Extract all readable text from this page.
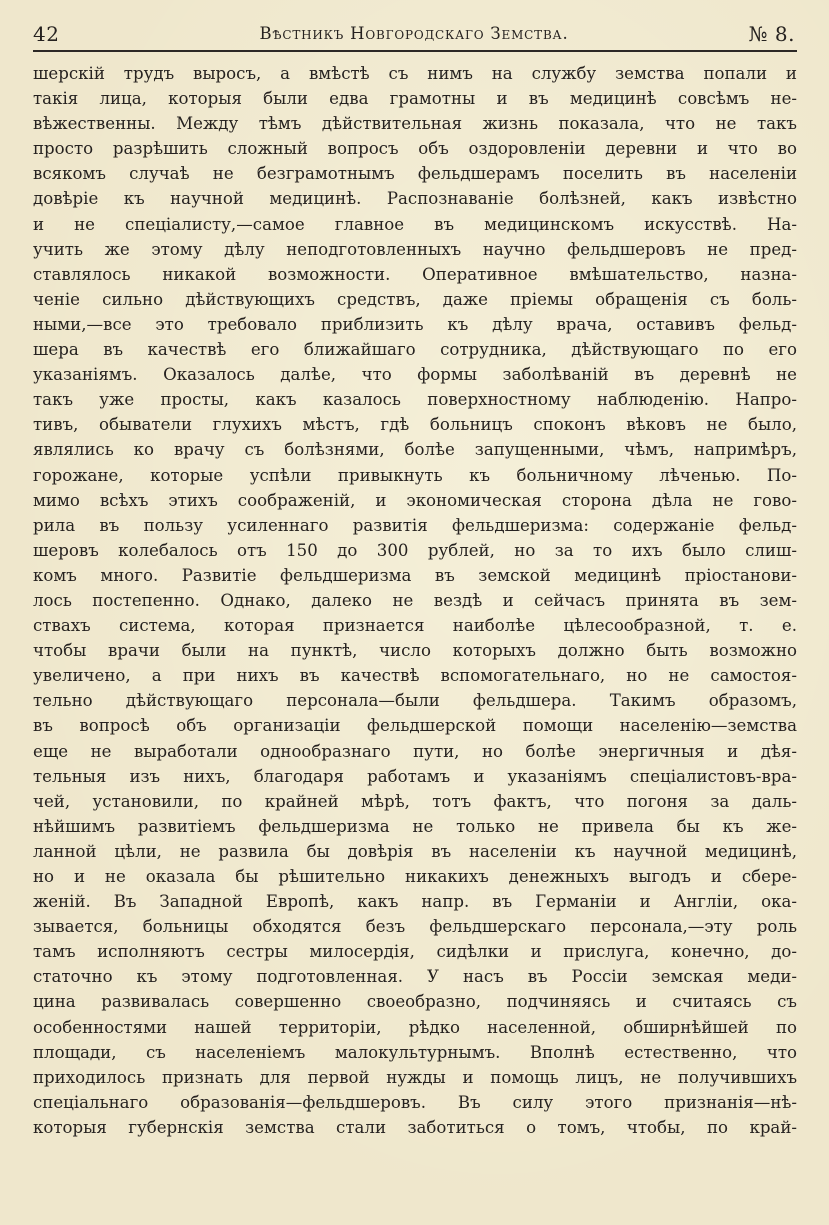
42	Вѣстникъ Новгородскаго Земства.	№ 8.
шерскій трудъ выросъ, а вмѣстѣ съ нимъ на службу земства попали и
такія лица, которыя были едва грамотны и въ медицинѣ совсѣмъ не-
вѣжественны. Между тѣмъ дѣйствительная жизнь показала, что не такъ
просто разрѣшить сложный вопросъ объ оздоровленіи деревни и что во
всякомъ случаѣ не безграмотнымъ фельдшерамъ поселить въ населеніи
довѣріе къ научной медицинѣ. Распознаваніе болѣзней, какъ извѣстно
и не спеціалисту,—самое главное въ медицинскомъ искусствѣ. На-
учить же этому дѣлу неподготовленныхъ научно фельдшеровъ не пред-
ставлялось никакой возможности. Оперативное вмѣшательство, назна-
ченіе сильно дѣйствующихъ средствъ, даже пріемы обращенія съ боль-
ными,—все это требовало приблизить къ дѣлу врача, оставивъ фельд-
шера въ качествѣ его ближайшаго сотрудника, дѣйствующаго по его
указаніямъ. Оказалось далѣе, что формы заболѣваній въ деревнѣ не
такъ уже просты, какъ казалось поверхностному наблюденію. Напро-
тивъ, обыватели глухихъ мѣстъ, гдѣ больницъ споконъ вѣковъ не было,
являлись ко врачу съ болѣзнями, болѣе запущенными, чѣмъ, напримѣръ,
горожане, которые успѣли привыкнуть къ больничному лѣченью. По-
мимо всѣхъ этихъ соображеній, и экономическая сторона дѣла не гово-
рила въ пользу усиленнаго развитія фельдшеризма: содержаніе фельд-
шеровъ колебалось отъ 150 до 300 рублей, но за то ихъ было слиш-
комъ много. Развитіе фельдшеризма въ земской медицинѣ пріостанови-
лось постепенно. Однако, далеко не вездѣ и сейчасъ принята въ зем-
ствахъ система, которая признается наиболѣе цѣлесообразной, т. е.
чтобы врачи были на пунктѣ, число которыхъ должно быть возможно
увеличено, а при нихъ въ качествѣ вспомогательнаго, но не самостоя-
тельно дѣйствующаго персонала—были фельдшера. Такимъ образомъ,
въ вопросѣ объ организаціи фельдшерской помощи населенію—земства
еще не выработали однообразнаго пути, но болѣе энергичныя и дѣя-
тельныя изъ нихъ, благодаря работамъ и указаніямъ спеціалистовъ-вра-
чей, установили, по крайней мѣрѣ, тотъ фактъ, что погоня за даль-
нѣйшимъ развитіемъ фельдшеризма не только не привела бы къ же-
ланной цѣли, не развила бы довѣрія въ населеніи къ научной медицинѣ,
но и не оказала бы рѣшительно никакихъ денежныхъ выгодъ и сбере-
женій. Въ Западной Европѣ, какъ напр. въ Германіи и Англіи, ока-
зывается, больницы обходятся безъ фельдшерскаго персонала,—эту роль
тамъ исполняютъ сестры милосердія, сидѣлки и прислуга, конечно, до-
статочно къ этому подготовленная. У насъ въ Россіи земская меди-
цина развивалась совершенно своеобразно, подчиняясь и считаясь съ
особенностями нашей территоріи, рѣдко населенной, обширнѣйшей по
площади, съ населеніемъ малокультурнымъ. Вполнѣ естественно, что
приходилось признать для первой нужды и помощь лицъ, не получившихъ
спеціальнаго образованія—фельдшеровъ. Въ силу этого признанія—нѣ-
которыя губернскія земства стали заботиться о томъ, чтобы, по край-
